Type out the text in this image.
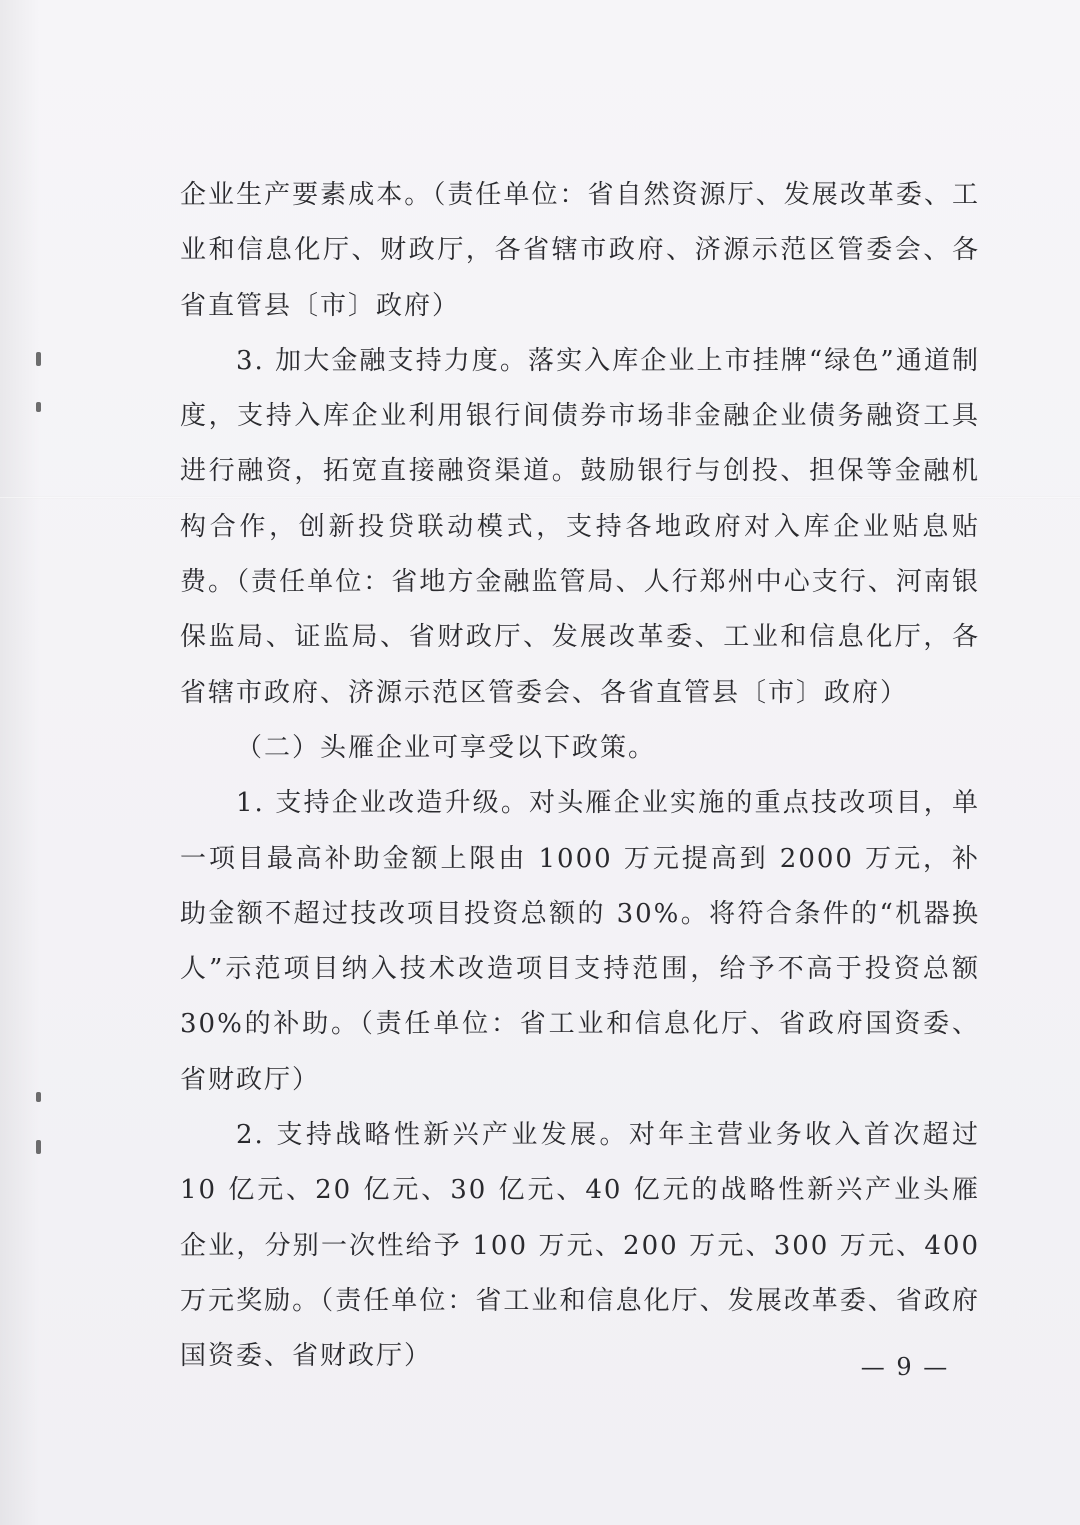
企业生产要素成本。（责任单位：省自然资源厅、发展改革委、工业和信息化厅、财政厅，各省辖市政府、济源示范区管委会、各省直管县〔市〕政府）

3. 加大金融支持力度。落实入库企业上市挂牌“绿色”通道制度，支持入库企业利用银行间债券市场非金融企业债务融资工具进行融资，拓宽直接融资渠道。鼓励银行与创投、担保等金融机构合作，创新投贷联动模式，支持各地政府对入库企业贴息贴费。（责任单位：省地方金融监管局、人行郑州中心支行、河南银保监局、证监局、省财政厅、发展改革委、工业和信息化厅，各省辖市政府、济源示范区管委会、各省直管县〔市〕政府）

（二）头雁企业可享受以下政策。

1. 支持企业改造升级。对头雁企业实施的重点技改项目，单一项目最高补助金额上限由 1000 万元提高到 2000 万元，补助金额不超过技改项目投资总额的 30%。将符合条件的“机器换人”示范项目纳入技术改造项目支持范围，给予不高于投资总额 30%的补助。（责任单位：省工业和信息化厅、省政府国资委、省财政厅）

2. 支持战略性新兴产业发展。对年主营业务收入首次超过 10 亿元、20 亿元、30 亿元、40 亿元的战略性新兴产业头雁企业，分别一次性给予 100 万元、200 万元、300 万元、400 万元奖励。（责任单位：省工业和信息化厅、发展改革委、省政府国资委、省财政厅）	— 9 —
